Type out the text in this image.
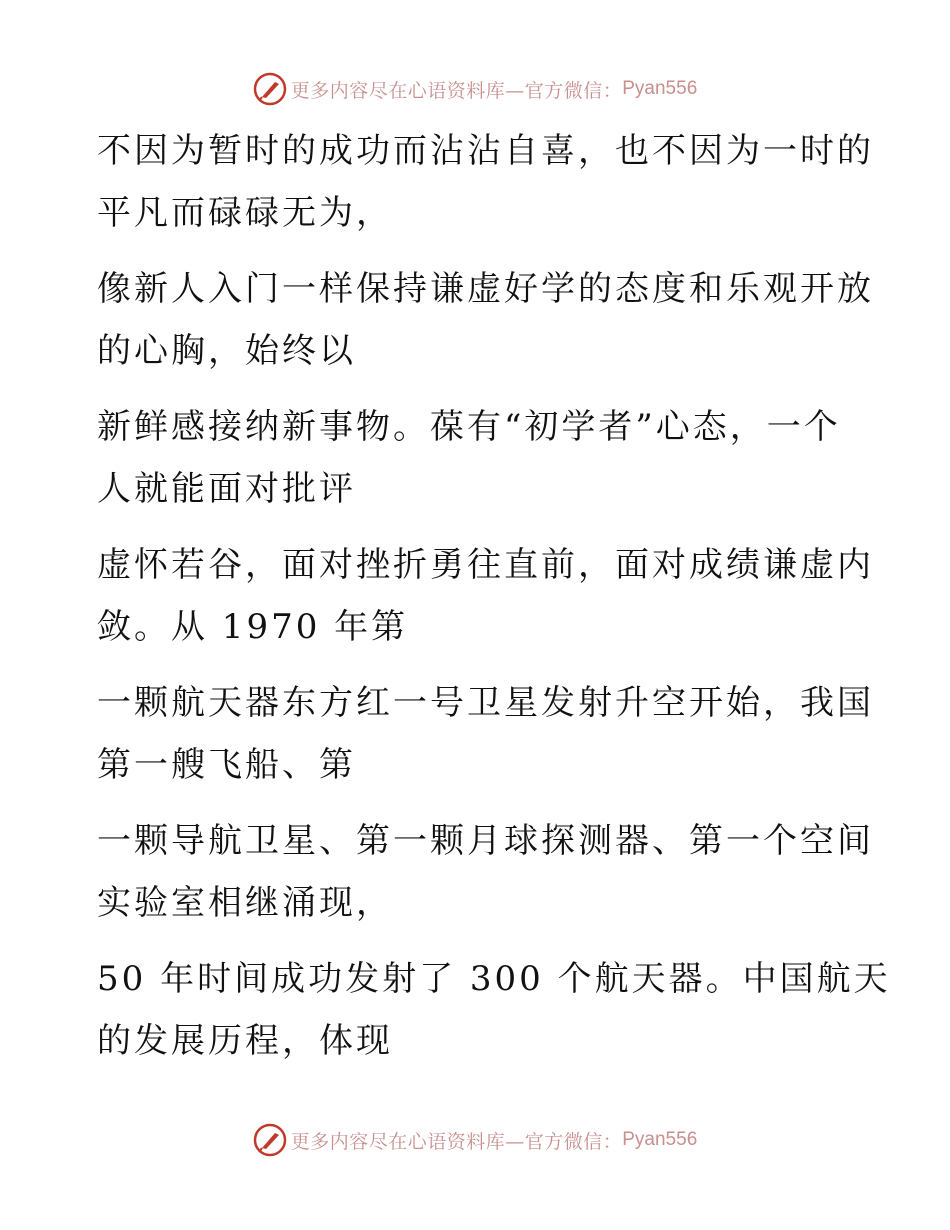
更多内容尽在心语资料库—官方微信： Pyan556

不因为暂时的成功而沾沾自喜，也不因为一时的
平凡而碌碌无为，

像新人入门一样保持谦虚好学的态度和乐观开放
的心胸，始终以

新鲜感接纳新事物。葆有“初学者”心态，一个
人就能面对批评

虚怀若谷，面对挫折勇往直前，面对成绩谦虚内
敛。从 1970 年第

一颗航天器东方红一号卫星发射升空开始，我国
第一艘飞船、第

一颗导航卫星、第一颗月球探测器、第一个空间
实验室相继涌现，

50 年时间成功发射了 300 个航天器。中国航天
的发展历程，体现

更多内容尽在心语资料库—官方微信： Pyan556
